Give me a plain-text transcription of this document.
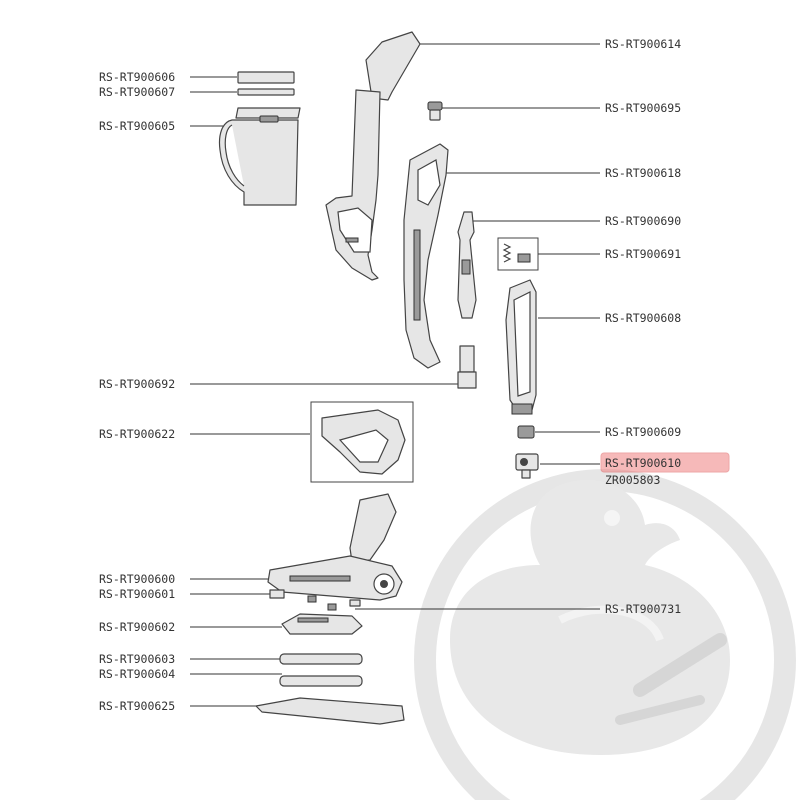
RS-RT900606
RS-RT900607
RS-RT900605
RS-RT900692
RS-RT900622
RS-RT900600
RS-RT900601
RS-RT900602
RS-RT900603
RS-RT900604
RS-RT900625
RS-RT900614
RS-RT900695
RS-RT900618
RS-RT900690
RS-RT900691
RS-RT900608
RS-RT900609
RS-RT900610
ZR005803
RS-RT900731
